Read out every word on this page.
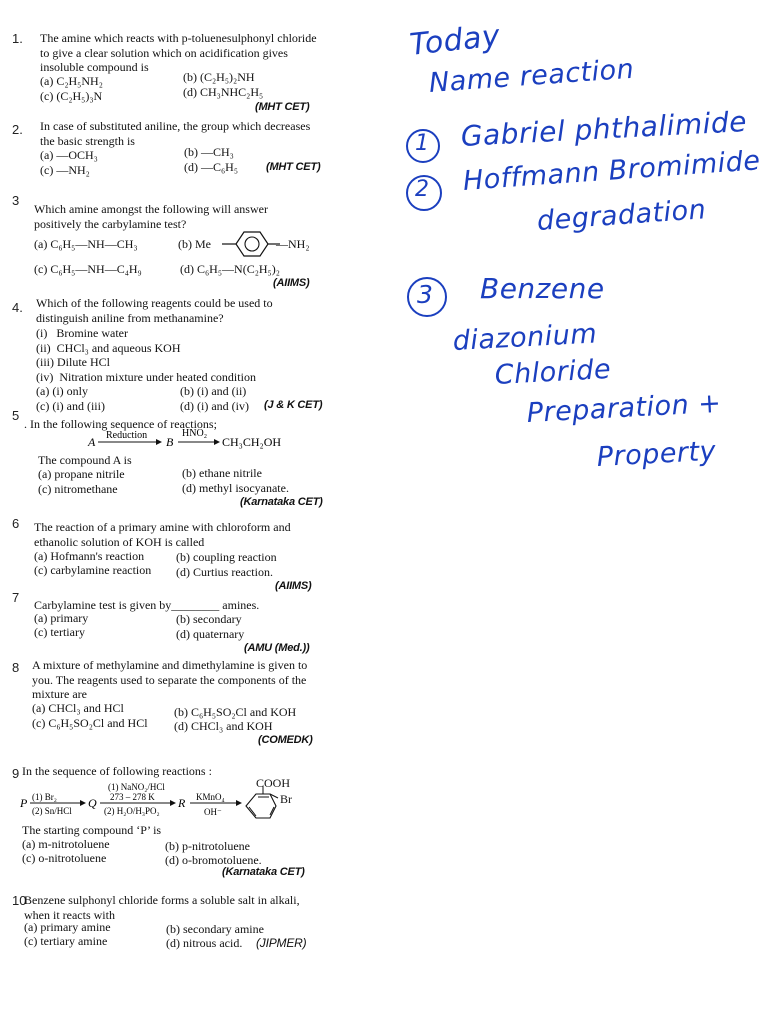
1. The amine which reacts with p-toluenesulphonyl chloride to give a clear solution which on acidification gives insoluble compound is
(a) C₂H₅NH₂	(b) (C₂H₅)₂NH
(c) (C₂H₅)₃N	(d) CH₃NHC₂H₅
(MHT CET)
2. In case of substituted aniline, the group which decreases the basic strength is
(a) —OCH₃	(b) —CH₃
(c) —NH₂	(d) —C₆H₅	(MHT CET)
3
Which amine amongst the following will answer positively the carbylamine test?
(a) C₆H₅—NH—CH₃	(b) Me	—NH₂
(c) C₆H₅—NH—C₄H₉	(d) C₆H₅—N(C₂H₅)₂
(AIIMS)
4. Which of the following reagents could be used to distinguish aniline from methanamine?
(i)   Bromine water
(ii)  CHCl₃ and aqueous KOH
(iii) Dilute HCl
(iv)  Nitration mixture under heated condition
(a) (i) only	(b) (i) and (ii)
(c) (i) and (iii)	(d) (i) and (iv) (J & K CET)
5
. In the following sequence of reactions;
A Reduction B
HNO₂
CH₃CH₂OH
The compound A is
(a) propane nitrile	(b) ethane nitrile
(c) nitromethane	(d) methyl isocyanate.
(Karnataka CET)
6 The reaction of a primary amine with chloroform and ethanolic solution of KOH is called
(a) Hofmann's reaction	(b) coupling reaction
(c) carbylamine reaction (d) Curtius reaction.
(AIIMS)
7 Carbylamine test is given by________ amines.
(a) primary	(b) secondary
(c) tertiary	(d) quaternary
(AMU (Med.))
8 A mixture of methylamine and dimethylamine is given to you. The reagents used to separate the components of the mixture are
(a) CHCl₃ and HCl	(b) C₆H₅SO₂Cl and KOH
(c) C₆H₅SO₂Cl and HCl (d) CHCl₃ and KOH
(COMEDK)
9 In the sequence of following reactions :
P (1) Br₂
(2) Sn/HCl
Q
(1) NaNO₂/HCl
273 – 278 K
(2) H₂O/H₃PO₂
R KMnO₄
OH⁻
COOH
Br
The starting compound ‘P’ is
(a) m-nitrotoluene	(b) p-nitrotoluene
(c) o-nitrotoluene	(d) o-bromotoluene.
(Karnataka CET)
10
Benzene sulphonyl chloride forms a soluble salt in alkali, when it reacts with
(a) primary amine	(b) secondary amine
(c) tertiary amine	(d) nitrous acid. (JIPMER)
Today
Name reaction
1 Gabriel phthalimide
2 Hoffmann Bromimide
degradation
3 Benzene
diazonium
Chloride
Preparation +
Property
